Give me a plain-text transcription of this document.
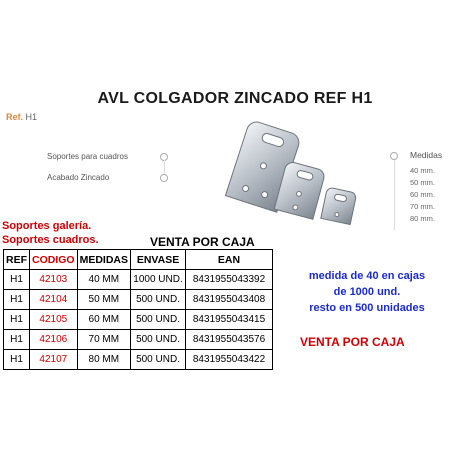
AVL COLGADOR ZINCADO REF H1
Ref. H1
Soportes para cuadros
Acabado Zincado
Medidas
40 mm.
50 mm.
60 mm.
70 mm.
80 mm.
Soportes galería.
Soportes cuadros.	VENTA POR CAJA
REF	CODIGO	MEDIDAS	ENVASE	EAN
H1	42103	40 MM	1000 UND.	8431955043392
H1	42104	50 MM	500 UND.	8431955043408
H1	42105	60 MM	500 UND.	8431955043415
H1	42106	70 MM	500 UND.	8431955043576
H1	42107	80 MM	500 UND.	8431955043422
medida de 40 en cajas
de 1000 und.
resto en 500 unidades
VENTA POR CAJA
